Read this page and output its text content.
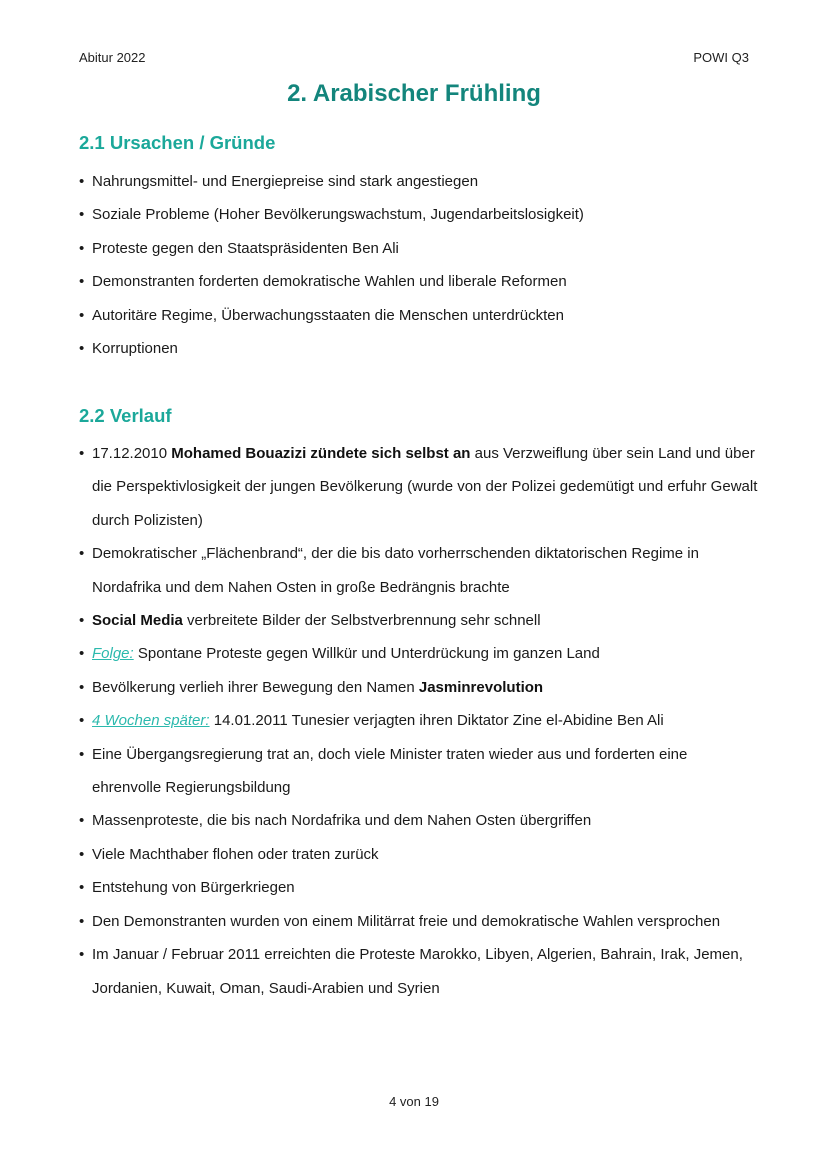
Abitur 2022	POWI Q3
2. Arabischer Frühling
2.1 Ursachen / Gründe
• Nahrungsmittel- und Energiepreise sind stark angestiegen
• Soziale Probleme (Hoher Bevölkerungswachstum, Jugendarbeitslosigkeit)
• Proteste gegen den Staatspräsidenten Ben Ali
• Demonstranten forderten demokratische Wahlen und liberale Reformen
• Autoritäre Regime, Überwachungsstaaten die Menschen unterdrückten
• Korruptionen
2.2 Verlauf
• 17.12.2010 Mohamed Bouazizi zündete sich selbst an aus Verzweiflung über sein Land und über die Perspektivlosigkeit der jungen Bevölkerung (wurde von der Polizei gedemütigt und erfuhr Gewalt durch Polizisten)
• Demokratischer „Flächenbrand“, der die bis dato vorherrschenden diktatorischen Regime in Nordafrika und dem Nahen Osten in große Bedrängnis brachte
• Social Media verbreitete Bilder der Selbstverbrennung sehr schnell
• Folge: Spontane Proteste gegen Willkür und Unterdrückung im ganzen Land
• Bevölkerung verlieh ihrer Bewegung den Namen Jasminrevolution
• 4 Wochen später: 14.01.2011 Tunesier verjagten ihren Diktator Zine el-Abidine Ben Ali
• Eine Übergangsregierung trat an, doch viele Minister traten wieder aus und forderten eine ehrenvolle Regierungsbildung
• Massenproteste, die bis nach Nordafrika und dem Nahen Osten übergriffen
• Viele Machthaber flohen oder traten zurück
• Entstehung von Bürgerkriegen
• Den Demonstranten wurden von einem Militärrat freie und demokratische Wahlen versprochen
• Im Januar / Februar 2011 erreichten die Proteste Marokko, Libyen, Algerien, Bahrain, Irak, Jemen, Jordanien, Kuwait, Oman, Saudi-Arabien und Syrien
4 von 19
